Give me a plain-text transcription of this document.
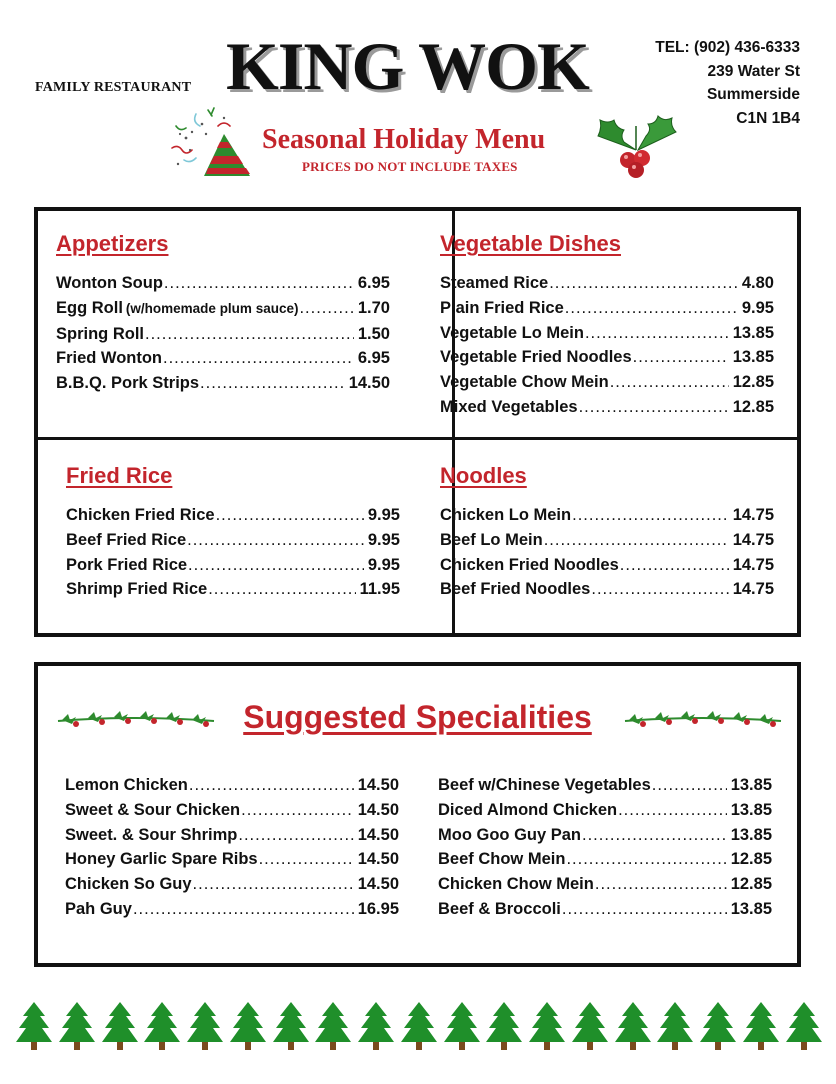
FAMILY RESTAURANT KING WOK	TEL: (902) 436-6333
239 Water St
Summerside
C1N 1B4
Seasonal Holiday Menu
PRICES DO NOT INCLUDE TAXES
Appetizers
Wonton Soup .....	6.95
Egg Roll (w/homemade plum sauce) .....	1.70
Spring Roll .....	1.50
Fried Wonton .....	6.95
B.B.Q. Pork Strips .....	14.50
Vegetable Dishes
Steamed Rice .....	4.80
Plain Fried Rice .....	9.95
Vegetable Lo Mein .....	13.85
Vegetable Fried Noodles .....	13.85
Vegetable Chow Mein .....	12.85
Mixed Vegetables .....	12.85
Fried Rice
Chicken Fried Rice .....	9.95
Beef Fried Rice .....	9.95
Pork Fried Rice .....	9.95
Shrimp Fried Rice .....	11.95
Noodles
Chicken Lo Mein .....	14.75
Beef Lo Mein .....	14.75
Chicken Fried Noodles .....	14.75
Beef Fried Noodles .....	14.75
Suggested Specialities
Lemon Chicken .....	14.50
Sweet & Sour Chicken .....	14.50
Sweet. & Sour Shrimp .....	14.50
Honey Garlic Spare Ribs .....	14.50
Chicken So Guy .....	14.50
Pah Guy .....	16.95
Beef w/Chinese Vegetables .....	13.85
Diced Almond Chicken .....	13.85
Moo Goo Guy Pan .....	13.85
Beef Chow Mein .....	12.85
Chicken Chow Mein .....	12.85
Beef & Broccoli .....	13.85
